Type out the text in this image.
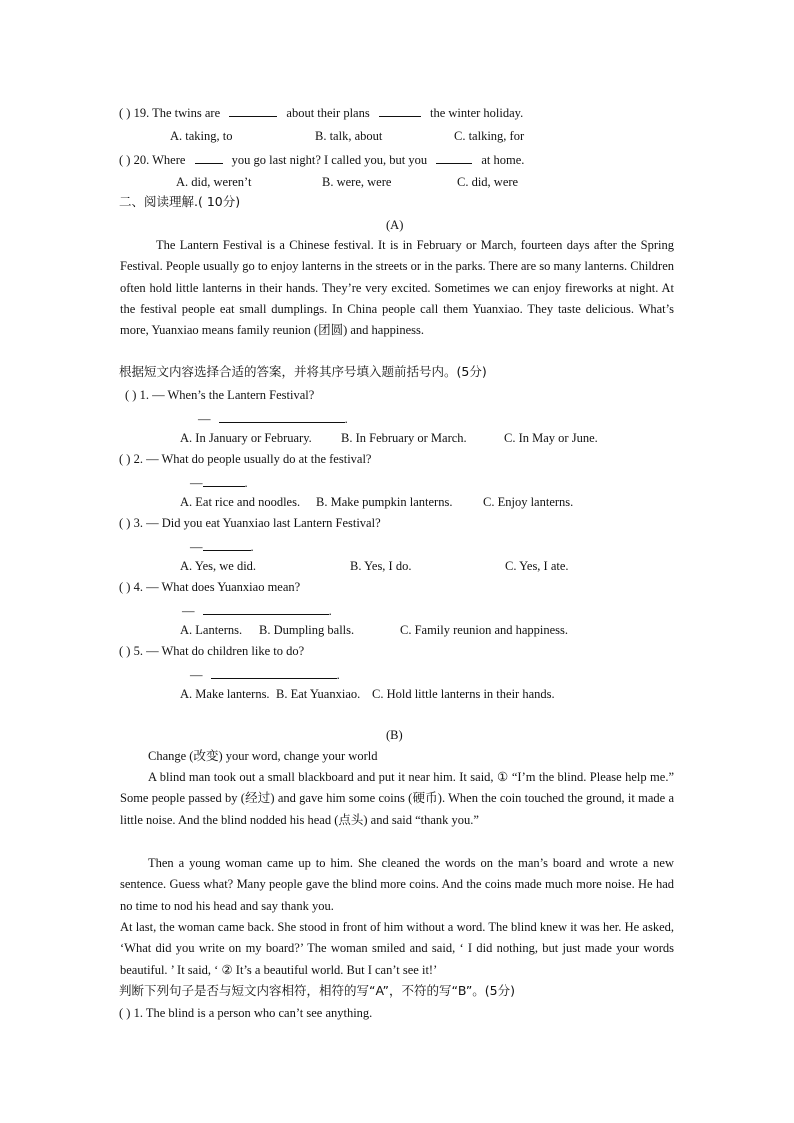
( ) 19. The twins are	about their plans	the winter holiday.
A. taking, to	B. talk, about	C. talking, for
( ) 20. Where	you go last night? I called you, but you	at home.
A. did, weren’t	B. were, were	C. did, were
二、阅读理解.( 10分)
(A)
The Lantern Festival is a Chinese festival. It is in February or March, fourteen days after the Spring Festival. People usually go to enjoy lanterns in the streets or in the parks. There are so many lanterns. Children often hold little lanterns in their hands. They’re very excited. Sometimes we can enjoy fireworks at night. At the festival people eat small dumplings. In China people call them Yuanxiao. They taste delicious. What’s more, Yuanxiao means family reunion (团圆) and happiness.
根据短文内容选择合适的答案，并将其序号填入题前括号内。(5分)
( ) 1. — When’s the Lantern Festival?
—	.
A. In January or February. B. In February or March.	C. In May or June.
( ) 2. — What do people usually do at the festival?
—	.
A. Eat rice and noodles. B. Make pumpkin lanterns. C. Enjoy lanterns.
( ) 3. — Did you eat Yuanxiao last Lantern Festival?
—	.
A. Yes, we did.	B. Yes, I do.	C. Yes, I ate.
( ) 4. — What does Yuanxiao mean?
—	.
A. Lanterns. B. Dumpling balls.	C. Family reunion and happiness.
( ) 5. — What do children like to do?
—	.
A. Make lanterns. B. Eat Yuanxiao. C. Hold little lanterns in their hands.
(B)
Change (改变) your word, change your world
A blind man took out a small blackboard and put it near him. It said, ① “I’m the blind. Please help me.” Some people passed by (经过) and gave him some coins (硬币). When the coin touched the ground, it made a little noise. And the blind nodded his head (点头) and said “thank you.”
Then a young woman came up to him. She cleaned the words on the man’s board and wrote a new sentence. Guess what? Many people gave the blind more coins. And the coins made much more noise. He had no time to nod his head and say thank you.
At last, the woman came back. She stood in front of him without a word. The blind knew it was her. He asked, ‘What did you write on my board?’ The woman smiled and said, ‘ I did nothing, but just made your words beautiful. ’ It said, ‘ ② It’s a beautiful world. But I can’t see it!’
判断下列句子是否与短文内容相符，相符的写“A”，不符的写“B”。(5分)
( ) 1. The blind is a person who can’t see anything.
